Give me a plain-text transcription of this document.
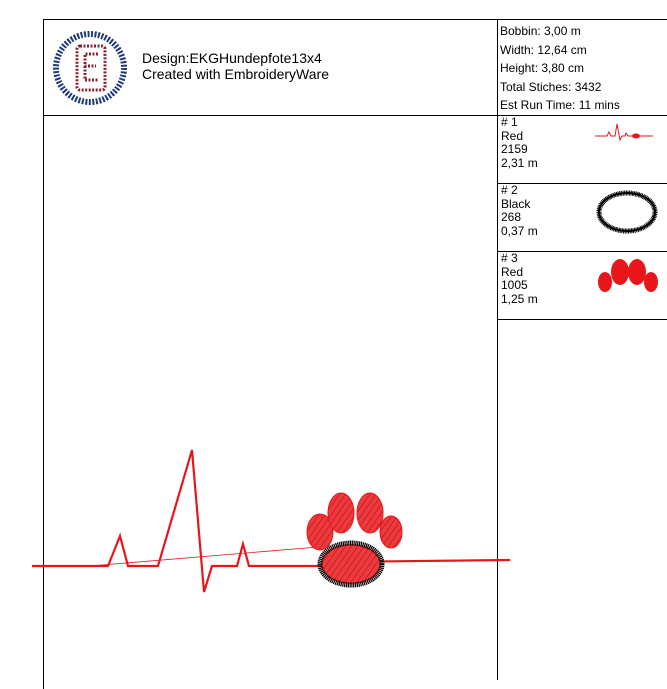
Design:EKGHundepfote13x4
Created with EmbroideryWare
Bobbin: 3,00 m
Width: 12,64 cm
Height: 3,80 cm
Total Stiches: 3432
Est Run Time: 11 mins
# 1
Red
2159
2,31 m
# 2
Black
268
0,37 m
# 3
Red
1005
1,25 m
